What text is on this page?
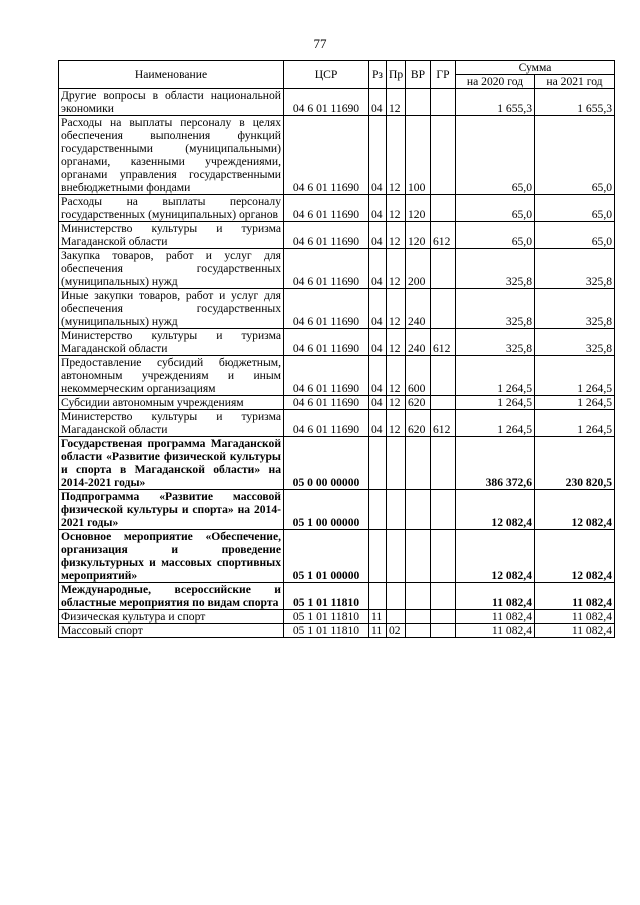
77
Наименование	ЦСР	Рз	Пр	ВР	ГР	Сумма	
						на 2020 год	на 2021 год
Другие вопросы в области национальной экономики	04 6 01 11690	04	12			1 655,3	1 655,3
Расходы на выплаты персоналу в целях обеспечения выполнения функций государственными (муниципальными) органами, казенными учреждениями, органами управления государственными внебюджетными фондами	04 6 01 11690	04	12	100		65,0	65,0
Расходы на выплаты персоналу государственных (муниципальных) органов	04 6 01 11690	04	12	120		65,0	65,0
Министерство культуры и туризма Магаданской области	04 6 01 11690	04	12	120	612	65,0	65,0
Закупка товаров, работ и услуг для обеспечения государственных (муниципальных) нужд	04 6 01 11690	04	12	200		325,8	325,8
Иные закупки товаров, работ и услуг для обеспечения государственных (муниципальных) нужд	04 6 01 11690	04	12	240		325,8	325,8
Министерство культуры и туризма Магаданской области	04 6 01 11690	04	12	240	612	325,8	325,8
Предоставление субсидий бюджетным, автономным учреждениям и иным некоммерческим организациям	04 6 01 11690	04	12	600		1 264,5	1 264,5
Субсидии автономным учреждениям	04 6 01 11690	04	12	620		1 264,5	1 264,5
Министерство культуры и туризма Магаданской области	04 6 01 11690	04	12	620	612	1 264,5	1 264,5
Государственая программа Магаданской области «Развитие физической культуры и спорта в Магаданской области» на 2014-2021 годы»	05 0 00 00000					386 372,6	230 820,5
Подпрограмма «Развитие массовой физической культуры и спорта» на 2014-2021 годы»	05 1 00 00000					12 082,4	12 082,4
Основное мероприятие «Обеспечение, организация и проведение физкультурных и массовых спортивных мероприятий»	05 1 01 00000					12 082,4	12 082,4
Международные, всероссийские и областные мероприятия по видам спорта	05 1 01 11810					11 082,4	11 082,4
Физическая культура и спорт	05 1 01 11810	11				11 082,4	11 082,4
Массовый спорт	05 1 01 11810	11	02			11 082,4	11 082,4
